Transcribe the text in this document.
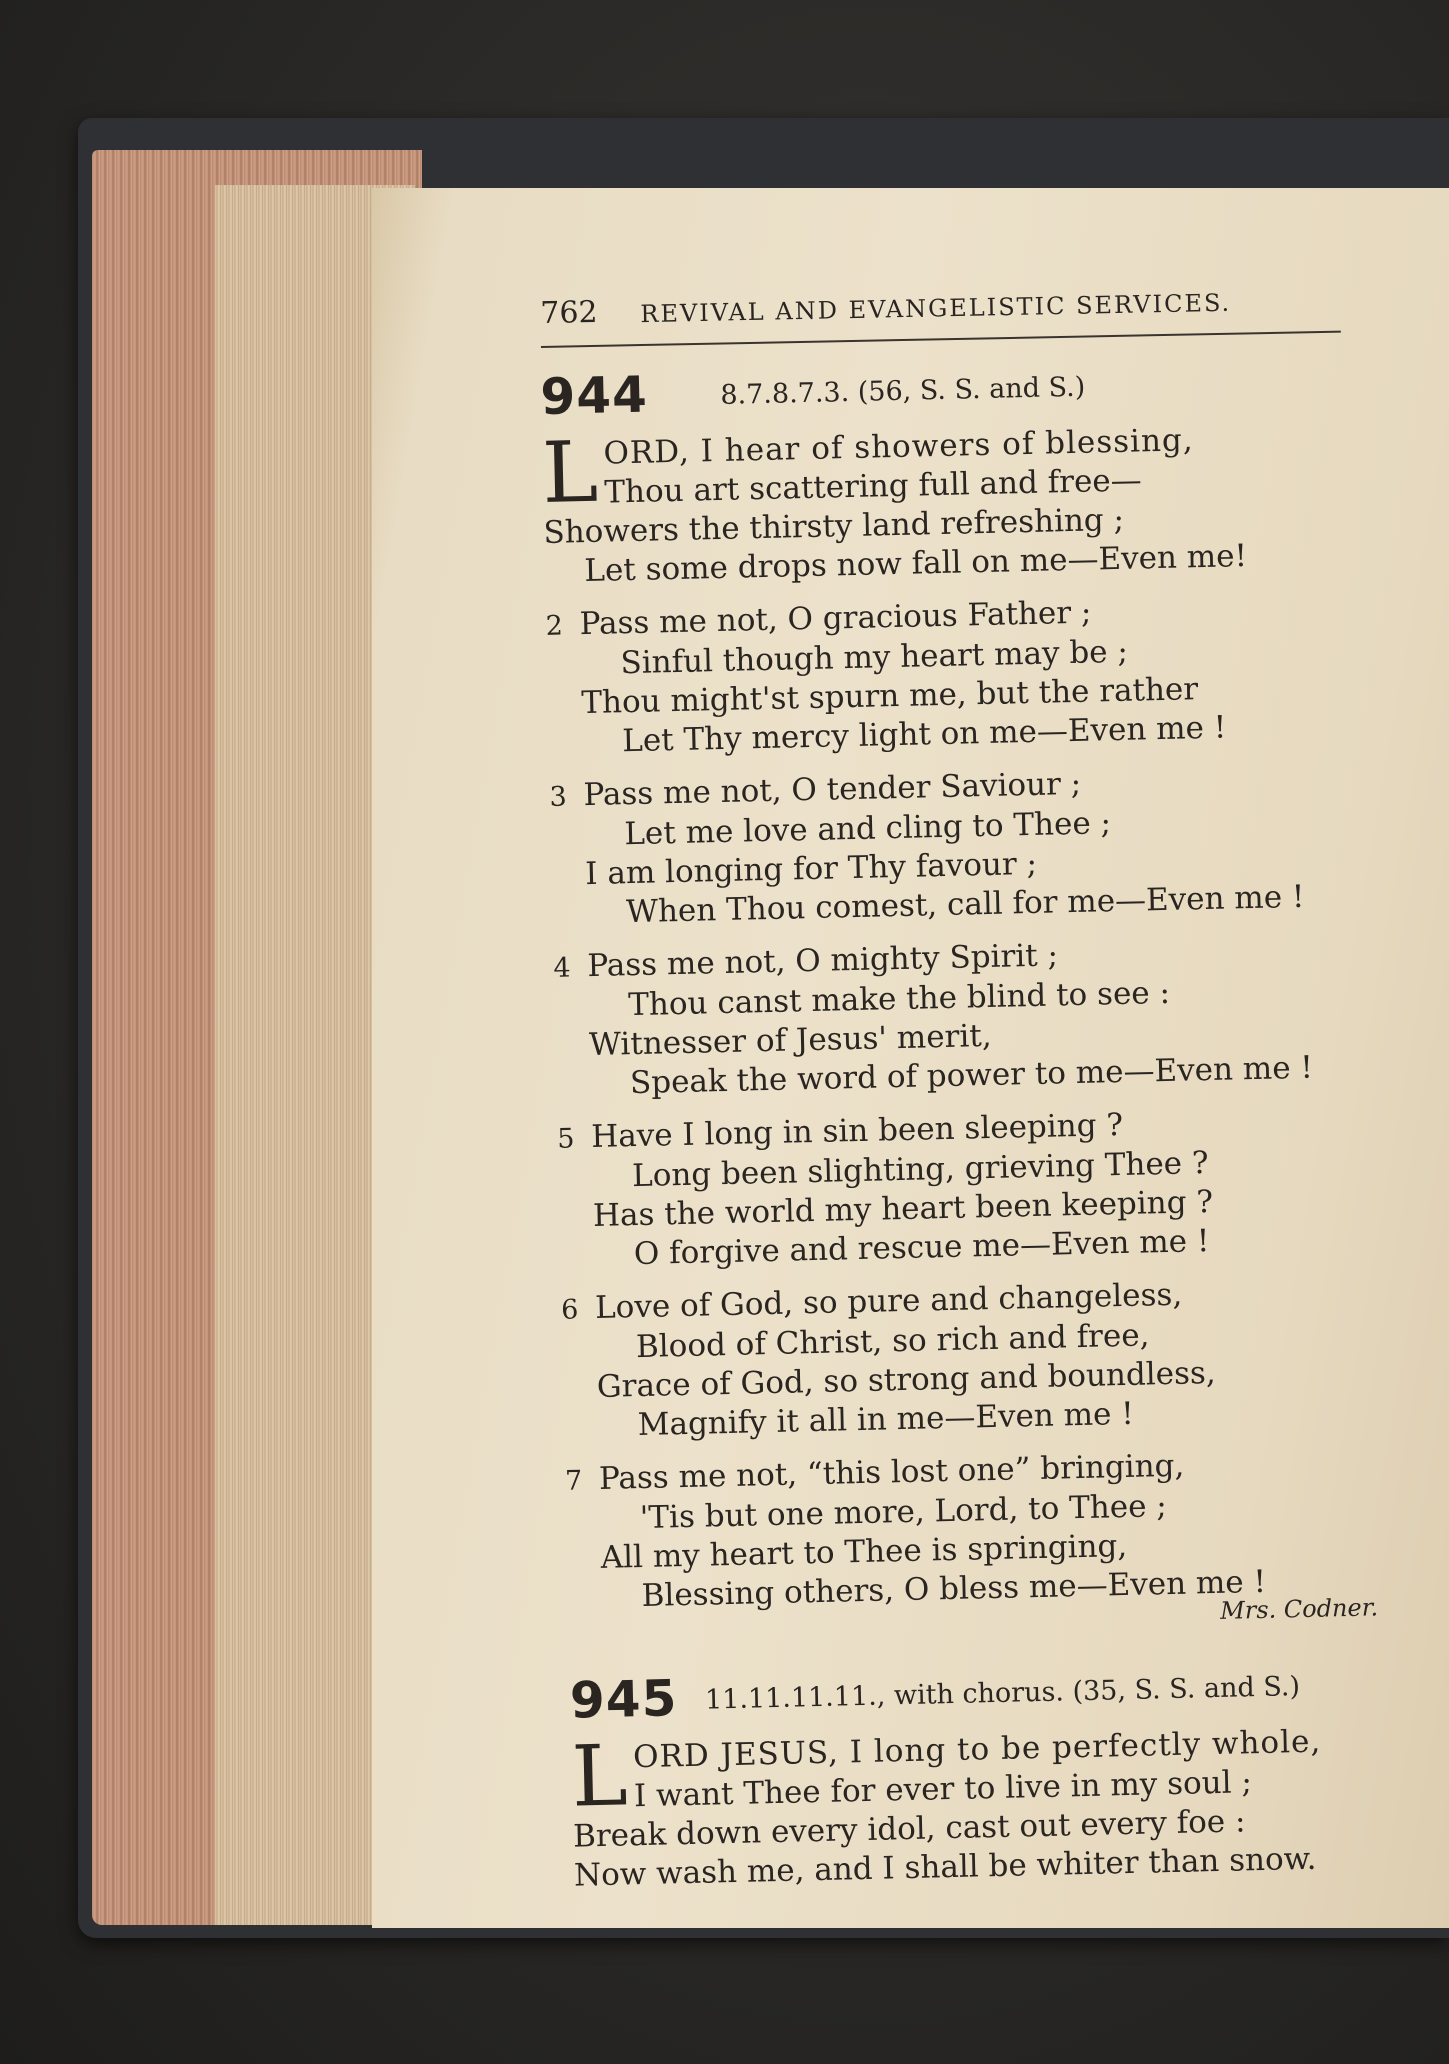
762 REVIVAL AND EVANGELISTIC SERVICES.
944	8.7.8.7.3. (56, S. S. and S.)
L ORD, I hear of showers of blessing,
Thou art scattering full and free—
Showers the thirsty land refreshing ;
Let some drops now fall on me—Even me!
2 Pass me not, O gracious Father ;
Sinful though my heart may be ;
Thou might'st spurn me, but the rather
Let Thy mercy light on me—Even me !
3 Pass me not, O tender Saviour ;
Let me love and cling to Thee ;
I am longing for Thy favour ;
When Thou comest, call for me—Even me !
4 Pass me not, O mighty Spirit ;
Thou canst make the blind to see :
Witnesser of Jesus' merit,
Speak the word of power to me—Even me !
5 Have I long in sin been sleeping ?
Long been slighting, grieving Thee ?
Has the world my heart been keeping ?
O forgive and rescue me—Even me !
6 Love of God, so pure and changeless,
Blood of Christ, so rich and free,
Grace of God, so strong and boundless,
Magnify it all in me—Even me !
7 Pass me not, “this lost one” bringing,
'Tis but one more, Lord, to Thee ;
All my heart to Thee is springing,
Blessing others, O bless me—Even me !
Mrs. Codner.
945 11.11.11.11., with chorus. (35, S. S. and S.)
L ORD JESUS, I long to be perfectly whole,
I want Thee for ever to live in my soul ;
Break down every idol, cast out every foe :
Now wash me, and I shall be whiter than snow.
